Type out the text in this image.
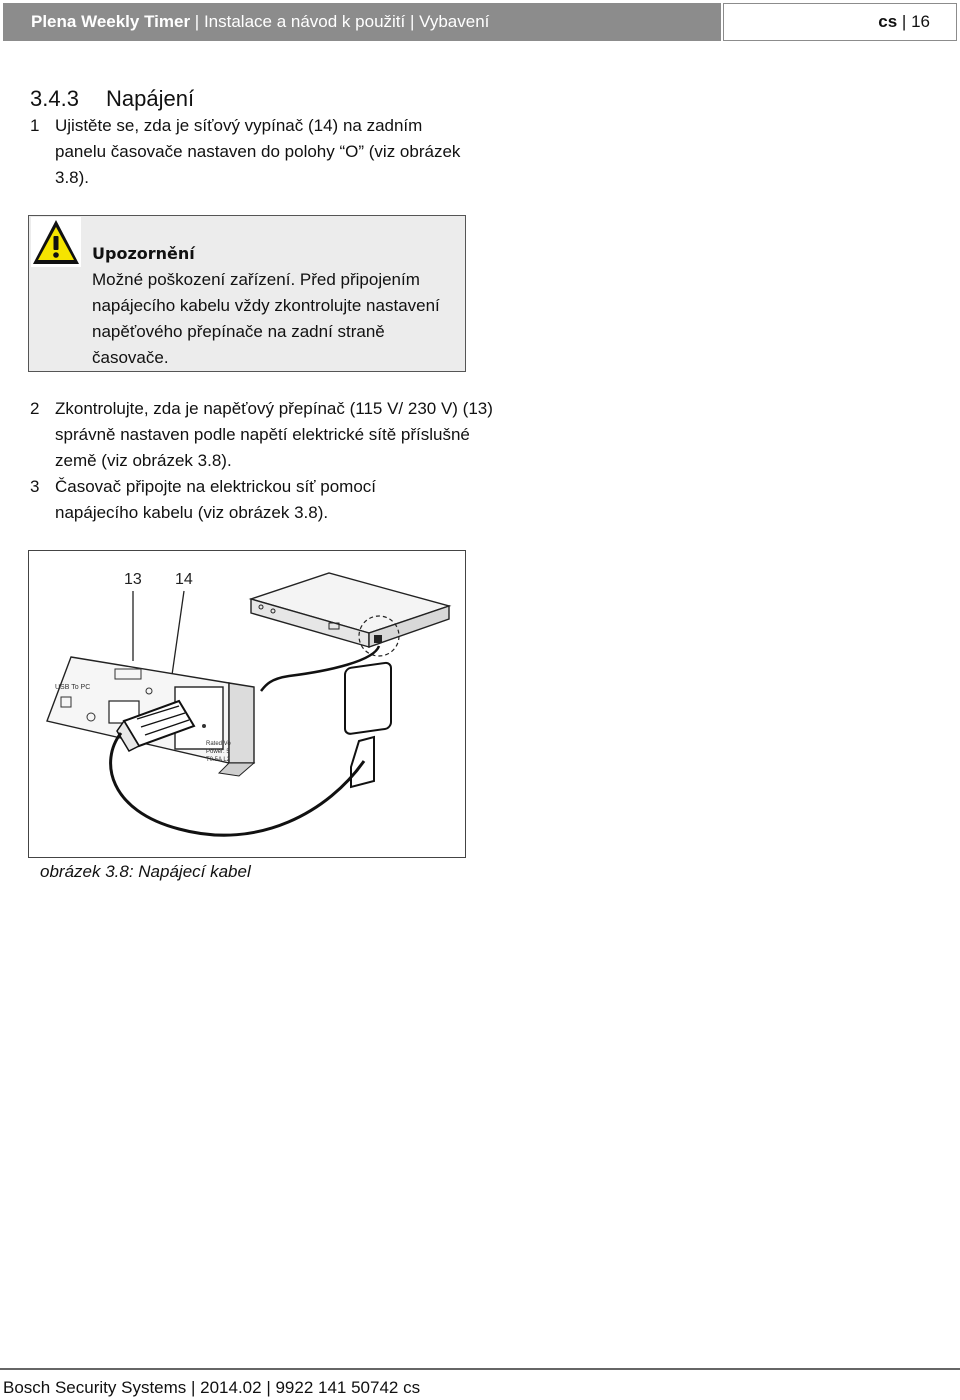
Plena Weekly Timer | Instalace a návod k použití | Vybavení	cs | 16
3.4.3 Napájení
1 Ujistěte se, zda je síťový vypínač (14) na zadním panelu časovače nastaven do polohy “O” (viz obrázek 3.8).
Upozornění
Možné poškození zařízení. Před připojením napájecího kabelu vždy zkontrolujte nastavení napěťového přepínače na zadní straně časovače.
2 Zkontrolujte, zda je napěťový přepínač (115 V/ 230 V) (13) správně nastaven podle napětí elektrické sítě příslušné země (viz obrázek 3.8).
3 Časovač připojte na elektrickou síť pomocí napájecího kabelu (viz obrázek 3.8).
13 14
USB To PC
Rated Vo
Power: 5
T0.5A L2
obrázek 3.8: Napájecí kabel
Bosch Security Systems | 2014.02 | 9922 141 50742 cs
